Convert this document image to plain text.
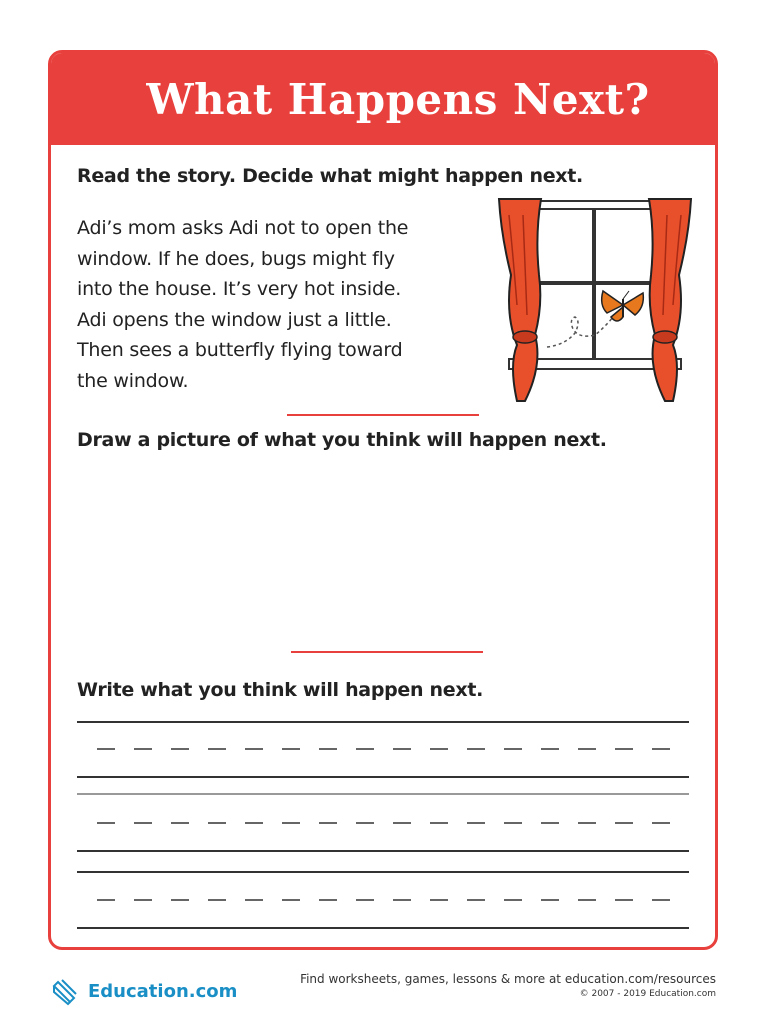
What Happens Next?
Read the story. Decide what might happen next.
Adi’s mom asks Adi not to open the
window. If he does, bugs might fly
into the house. It’s very hot inside.
Adi opens the window just a little.
Then sees a butterfly flying toward
the window.
Draw a picture of what you think will happen next.
Write what you think will happen next.
Education.com
Find worksheets, games, lessons & more at education.com/resources
© 2007 - 2019 Education.com
